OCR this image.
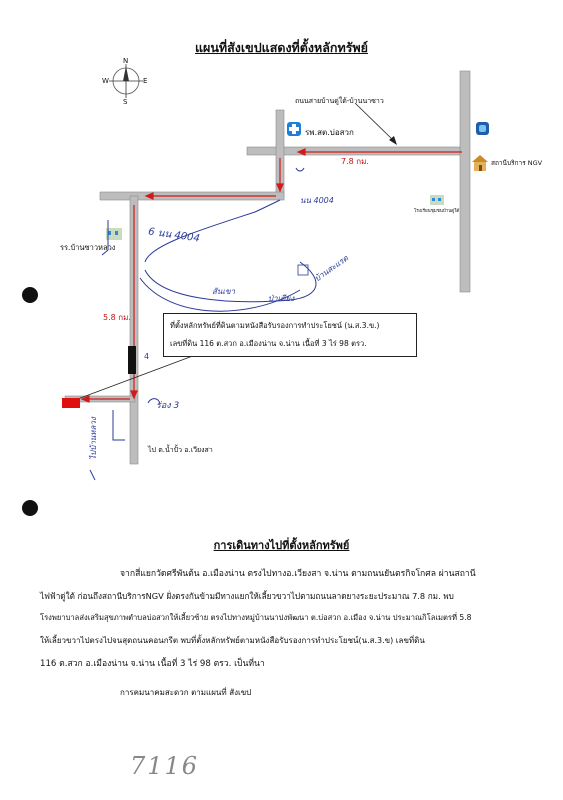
แผนที่สังเขปแสดงที่ตั้งหลักทรัพย์
N
S
E
W
ถนนสายบ้านดู่ใต้-บ้านนาซาว
รพ.สต.บ่อสวก
สถานีบริการ NGV
โรงเรียนชุมชนบ้านดู่ใต้
รร.บ้านซาวหลวง
7.8 กม.
5.8 กม.
ไป ต.น้ำปั้ว อ.เวียงสา
นน 4004
6 นน 4004
บ้านสะแรด
ป่าเตียง
สันเขา
ร่อง 3
ไปบ้านหลวง
4
ที่ตั้งหลักทรัพย์ที่ดินตามหนังสือรับรองการทำประโยชน์ (น.ส.3.ข.)
เลขที่ดิน 116 ต.สวก อ.เมืองน่าน จ.น่าน เนื้อที่ 3 ไร่ 98 ตรว.
การเดินทางไปที่ตั้งหลักทรัพย์
จากสี่แยกวัดศรีพันต้น อ.เมืองน่าน ตรงไปทางอ.เวียงสา จ.น่าน ตามถนนยันตรกิจโกศล ผ่านสถานี
ไฟฟ้าดู่ใต้ ก่อนถึงสถานีบริการNGV ฝั่งตรงกันข้ามมีทางแยกให้เลี้ยวขวาไปตามถนนลาดยางระยะประมาณ 7.8 กม. พบ
โรงพยาบาลส่งเสริมสุขภาพตำบลบ่อสวกให้เลี้ยวซ้าย ตรงไปทางหมู่บ้านนาปงพัฒนา ต.บ่อสวก อ.เมือง จ.น่าน ประมาณกิโลเมตรที่ 5.8
ให้เลี้ยวขวาไปตรงไปจนสุดถนนคอนกรีต พบที่ตั้งหลักทรัพย์ตามหนังสือรับรองการทำประโยชน์(น.ส.3.ข) เลขที่ดิน
116 ต.สวก อ.เมืองน่าน จ.น่าน เนื้อที่ 3 ไร่ 98 ตรว. เป็นที่นา
การคมนาคมสะดวก ตามแผนที่ สังเขป
7116
